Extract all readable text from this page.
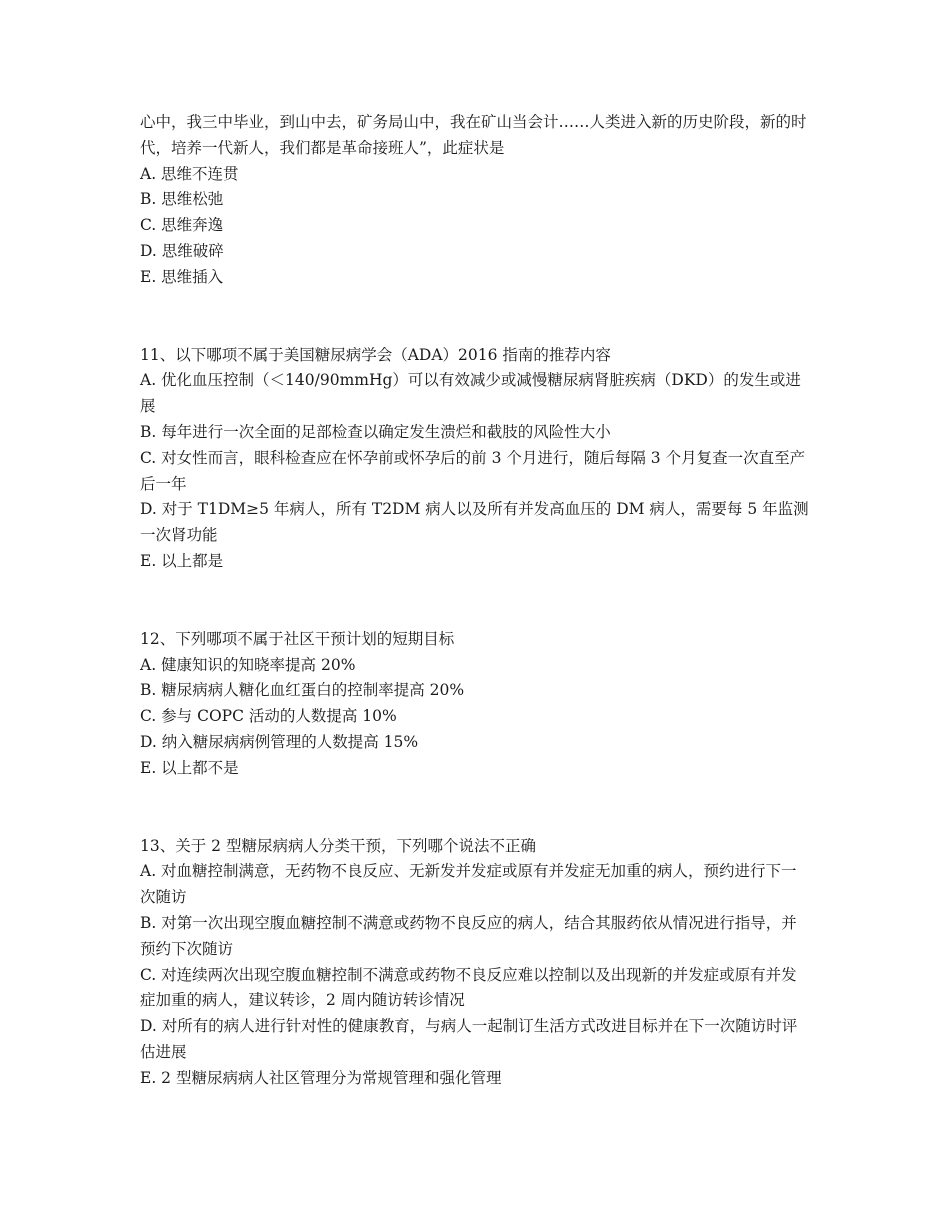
心中，我三中毕业，到山中去，矿务局山中，我在矿山当会计……人类进入新的历史阶段，新的时代，培养一代新人，我们都是革命接班人”，此症状是
A. 思维不连贯
B. 思维松弛
C. 思维奔逸
D. 思维破碎
E. 思维插入
11、以下哪项不属于美国糖尿病学会（ADA）2016 指南的推荐内容
A. 优化血压控制（＜140/90mmHg）可以有效减少或减慢糖尿病肾脏疾病（DKD）的发生或进展
B. 每年进行一次全面的足部检查以确定发生溃烂和截肢的风险性大小
C. 对女性而言，眼科检查应在怀孕前或怀孕后的前 3 个月进行，随后每隔 3 个月复查一次直至产后一年
D. 对于 T1DM≥5 年病人，所有 T2DM 病人以及所有并发高血压的 DM 病人，需要每 5 年监测一次肾功能
E. 以上都是
12、下列哪项不属于社区干预计划的短期目标
A. 健康知识的知晓率提高 20%
B. 糖尿病病人糖化血红蛋白的控制率提高 20%
C. 参与 COPC 活动的人数提高 10%
D. 纳入糖尿病病例管理的人数提高 15%
E. 以上都不是
13、关于 2 型糖尿病病人分类干预，下列哪个说法不正确
A. 对血糖控制满意，无药物不良反应、无新发并发症或原有并发症无加重的病人，预约进行下一次随访
B. 对第一次出现空腹血糖控制不满意或药物不良反应的病人，结合其服药依从情况进行指导，并预约下次随访
C. 对连续两次出现空腹血糖控制不满意或药物不良反应难以控制以及出现新的并发症或原有并发症加重的病人，建议转诊，2 周内随访转诊情况
D. 对所有的病人进行针对性的健康教育，与病人一起制订生活方式改进目标并在下一次随访时评估进展
E. 2 型糖尿病病人社区管理分为常规管理和强化管理
